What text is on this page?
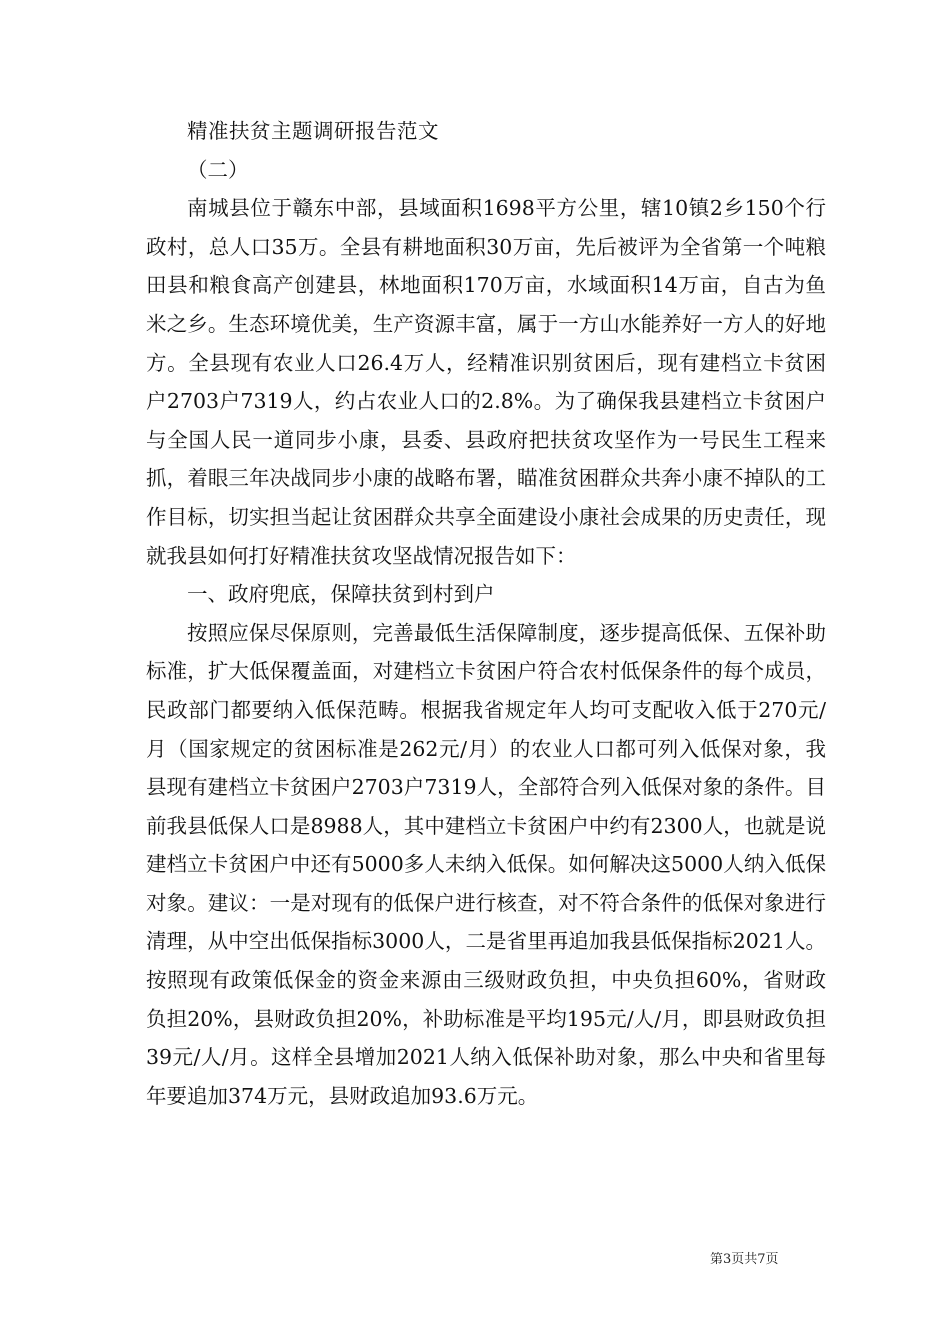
精准扶贫主题调研报告范文

（二）

南城县位于赣东中部，县域面积1698平方公里，辖10镇2乡150个行政村，总人口35万。全县有耕地面积30万亩，先后被评为全省第一个吨粮田县和粮食高产创建县，林地面积170万亩，水域面积14万亩，自古为鱼米之乡。生态环境优美，生产资源丰富，属于一方山水能养好一方人的好地方。全县现有农业人口26.4万人，经精准识别贫困后，现有建档立卡贫困户2703户7319人，约占农业人口的2.8%。为了确保我县建档立卡贫困户与全国人民一道同步小康，县委、县政府把扶贫攻坚作为一号民生工程来抓，着眼三年决战同步小康的战略布署，瞄准贫困群众共奔小康不掉队的工作目标，切实担当起让贫困群众共享全面建设小康社会成果的历史责任，现就我县如何打好精准扶贫攻坚战情况报告如下：

一、政府兜底，保障扶贫到村到户

按照应保尽保原则，完善最低生活保障制度，逐步提高低保、五保补助标准，扩大低保覆盖面，对建档立卡贫困户符合农村低保条件的每个成员，民政部门都要纳入低保范畴。根据我省规定年人均可支配收入低于270元/月（国家规定的贫困标准是262元/月）的农业人口都可列入低保对象，我县现有建档立卡贫困户2703户7319人，全部符合列入低保对象的条件。目前我县低保人口是8988人，其中建档立卡贫困户中约有2300人，也就是说建档立卡贫困户中还有5000多人未纳入低保。如何解决这5000人纳入低保对象。建议：一是对现有的低保户进行核查，对不符合条件的低保对象进行清理，从中空出低保指标3000人，二是省里再追加我县低保指标2021人。按照现有政策低保金的资金来源由三级财政负担，中央负担60%，省财政负担20%，县财政负担20%，补助标准是平均195元/人/月，即县财政负担39元/人/月。这样全县增加2021人纳入低保补助对象，那么中央和省里每年要追加374万元，县财政追加93.6万元。

第3页共7页
